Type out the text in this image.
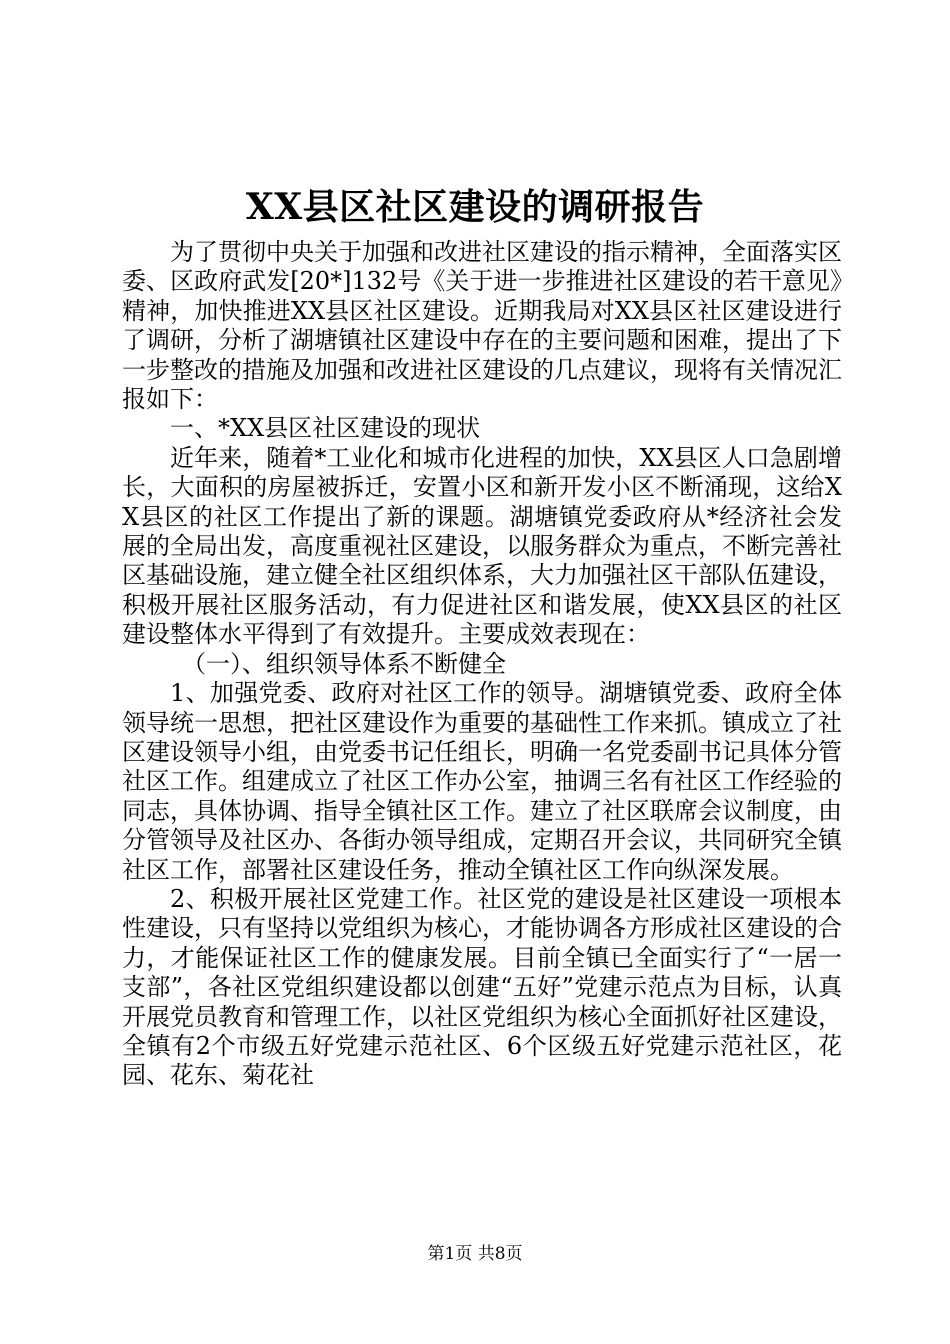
XX县区社区建设的调研报告

为了贯彻中央关于加强和改进社区建设的指示精神，全面落实区委、区政府武发[20*]132号《关于进一步推进社区建设的若干意见》精神，加快推进XX县区社区建设。近期我局对XX县区社区建设进行了调研，分析了湖塘镇社区建设中存在的主要问题和困难，提出了下一步整改的措施及加强和改进社区建设的几点建议，现将有关情况汇报如下：

一、*XX县区社区建设的现状

近年来，随着*工业化和城市化进程的加快，XX县区人口急剧增长，大面积的房屋被拆迁，安置小区和新开发小区不断涌现，这给XX县区的社区工作提出了新的课题。湖塘镇党委政府从*经济社会发展的全局出发，高度重视社区建设，以服务群众为重点，不断完善社区基础设施，建立健全社区组织体系，大力加强社区干部队伍建设，积极开展社区服务活动，有力促进社区和谐发展，使XX县区的社区建设整体水平得到了有效提升。主要成效表现在：

（一）、组织领导体系不断健全

1、加强党委、政府对社区工作的领导。湖塘镇党委、政府全体领导统一思想，把社区建设作为重要的基础性工作来抓。镇成立了社区建设领导小组，由党委书记任组长，明确一名党委副书记具体分管社区工作。组建成立了社区工作办公室，抽调三名有社区工作经验的同志，具体协调、指导全镇社区工作。建立了社区联席会议制度，由分管领导及社区办、各街办领导组成，定期召开会议，共同研究全镇社区工作，部署社区建设任务，推动全镇社区工作向纵深发展。

2、积极开展社区党建工作。社区党的建设是社区建设一项根本性建设，只有坚持以党组织为核心，才能协调各方形成社区建设的合力，才能保证社区工作的健康发展。目前全镇已全面实行了“一居一支部”，各社区党组织建设都以创建“五好”党建示范点为目标，认真开展党员教育和管理工作，以社区党组织为核心全面抓好社区建设，全镇有2个市级五好党建示范社区、6个区级五好党建示范社区，花园、花东、菊花社

第1页 共8页
